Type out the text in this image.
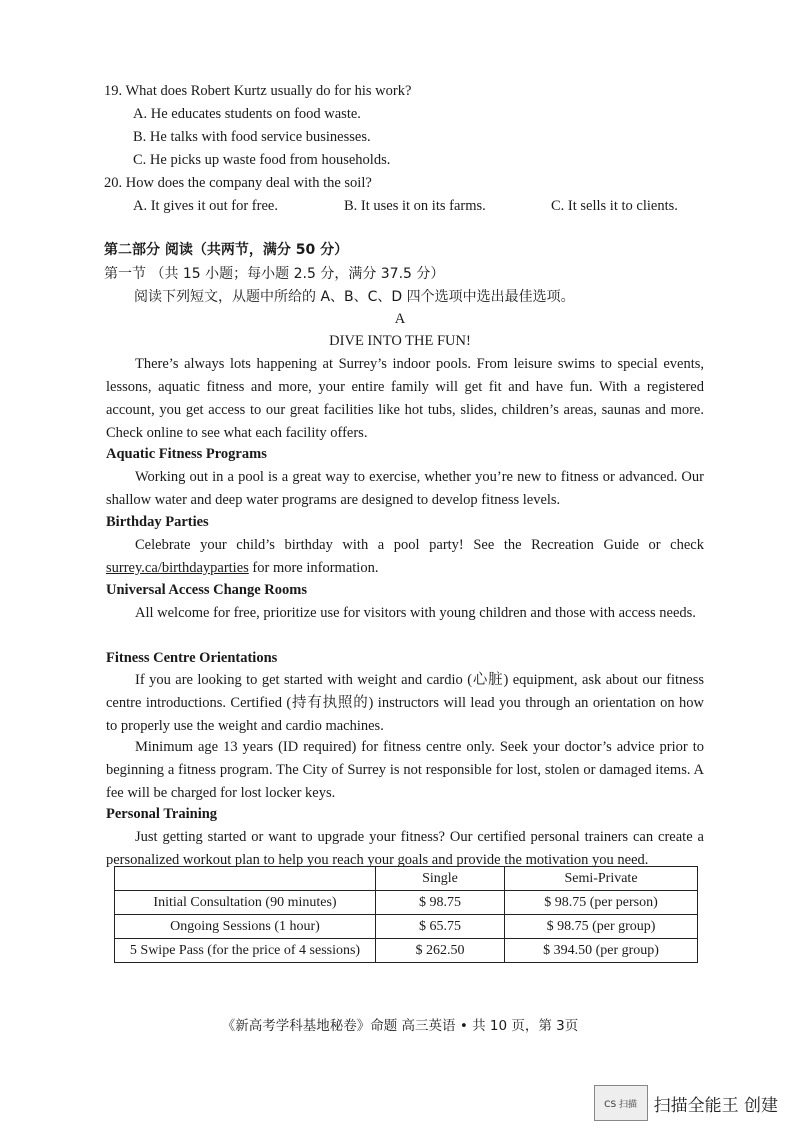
19. What does Robert Kurtz usually do for his work?
A. He educates students on food waste.
B. He talks with food service businesses.
C. He picks up waste food from households.
20. How does the company deal with the soil?
A. It gives it out for free.	B. It uses it on its farms.	C. It sells it to clients.
第二部分 阅读（共两节，满分 50 分）
第一节 （共 15 小题；每小题 2.5 分，满分 37.5 分）
阅读下列短文，从题中所给的 A、B、C、D 四个选项中选出最佳选项。
A
DIVE INTO THE FUN!
There’s always lots happening at Surrey’s indoor pools. From leisure swims to special events, lessons, aquatic fitness and more, your entire family will get fit and have fun. With a registered account, you get access to our great facilities like hot tubs, slides, children’s areas, saunas and more. Check online to see what each facility offers.
Aquatic Fitness Programs
Working out in a pool is a great way to exercise, whether you’re new to fitness or advanced. Our shallow water and deep water programs are designed to develop fitness levels.
Birthday Parties
Celebrate your child’s birthday with a pool party! See the Recreation Guide or check surrey.ca/birthdayparties for more information.
Universal Access Change Rooms
All welcome for free, prioritize use for visitors with young children and those with access needs.
Fitness Centre Orientations
If you are looking to get started with weight and cardio (心脏) equipment, ask about our fitness centre introductions. Certified (持有执照的) instructors will lead you through an orientation on how to properly use the weight and cardio machines.
Minimum age 13 years (ID required) for fitness centre only. Seek your doctor’s advice prior to beginning a fitness program. The City of Surrey is not responsible for lost, stolen or damaged items. A fee will be charged for lost locker keys.
Personal Training
Just getting started or want to upgrade your fitness? Our certified personal trainers can create a personalized workout plan to help you reach your goals and provide the motivation you need.
	Single	Semi-Private
Initial Consultation (90 minutes)	$ 98.75	$ 98.75 (per person)
Ongoing Sessions (1 hour)	$ 65.75	$ 98.75 (per group)
5 Swipe Pass (for the price of 4 sessions)	$ 262.50	$ 394.50 (per group)
《新高考学科基地秘卷》命题 高三英语 • 共 10 页，第 3页
CS 扫描 扫描全能王 创建
